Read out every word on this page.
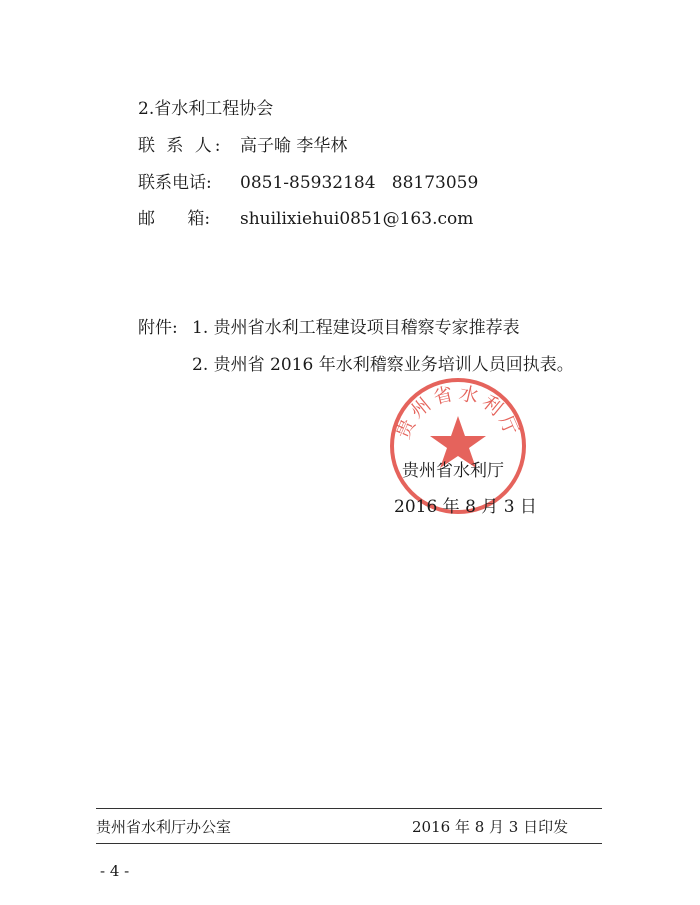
2.省水利工程协会
联 系 人: 高子喻 李华林
联系电话: 0851-85932184   88173059
邮      箱: shuilixiehui0851@163.com
附件: 1. 贵州省水利工程建设项目稽察专家推荐表
2. 贵州省 2016 年水利稽察业务培训人员回执表。
贵州省水利厅
贵州省水利厅
2016 年 8 月 3 日
贵州省水利厅办公室	2016 年 8 月 3 日印发
- 4 -
